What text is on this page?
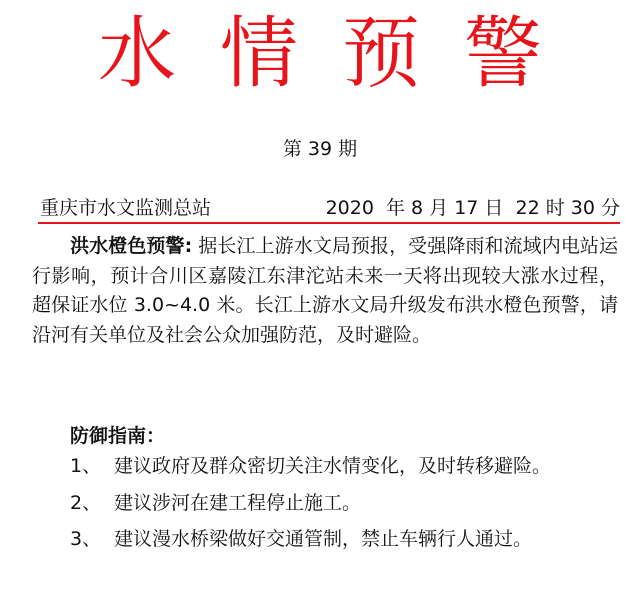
水情预警
第 39 期
重庆市水文监测总站	2020  年 8 月 17 日  22 时 30 分
洪水橙色预警: 据长江上游水文局预报，受强降雨和流域内电站运行影响，预计合川区嘉陵江东津沱站未来一天将出现较大涨水过程，超保证水位 3.0~4.0 米。长江上游水文局升级发布洪水橙色预警，请沿河有关单位及社会公众加强防范，及时避险。
防御指南：
1、 建议政府及群众密切关注水情变化，及时转移避险。
2、 建议涉河在建工程停止施工。
3、 建议漫水桥梁做好交通管制，禁止车辆行人通过。
